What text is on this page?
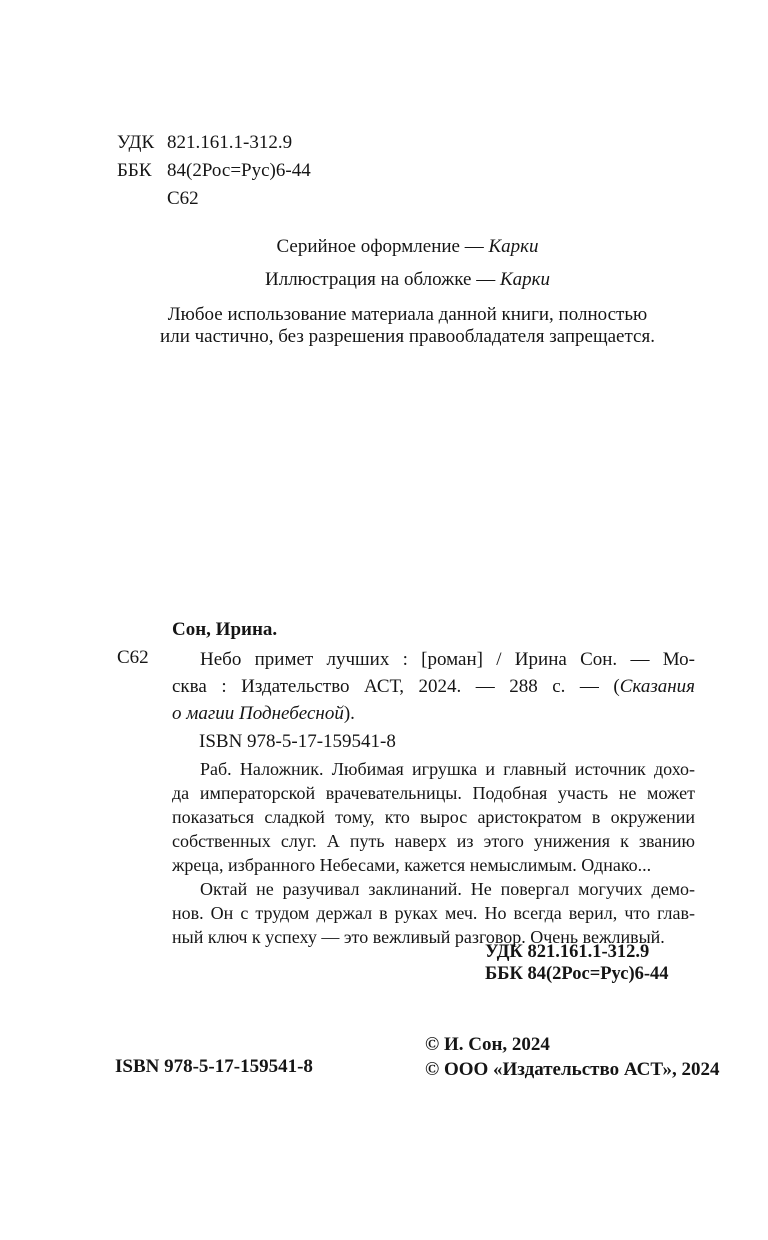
УДК 821.161.1-312.9
ББК 84(2Рос=Рус)6-44
С62
Серийное оформление — Карки
Иллюстрация на обложке — Карки
Любое использование материала данной книги, полностью
или частично, без разрешения правообладателя запрещается.
Сон, Ирина.
С62	Небо примет лучших : [роман] / Ирина Сон. — Мо-
сква : Издательство АСТ, 2024. — 288 с. — (Сказания
о магии Поднебесной).
ISBN 978-5-17-159541-8
Раб. Наложник. Любимая игрушка и главный источник дохо-
да императорской врачевательницы. Подобная участь не может
показаться сладкой тому, кто вырос аристократом в окружении
собственных слуг. А путь наверх из этого унижения к званию
жреца, избранного Небесами, кажется немыслимым. Однако...
Октай не разучивал заклинаний. Не повергал могучих демо-
нов. Он с трудом держал в руках меч. Но всегда верил, что глав-
ный ключ к успеху — это вежливый разговор. Очень вежливый.
УДК 821.161.1-312.9
ББК 84(2Рос=Рус)6-44
ISBN 978-5-17-159541-8
© И. Сон, 2024
© ООО «Издательство АСТ», 2024
